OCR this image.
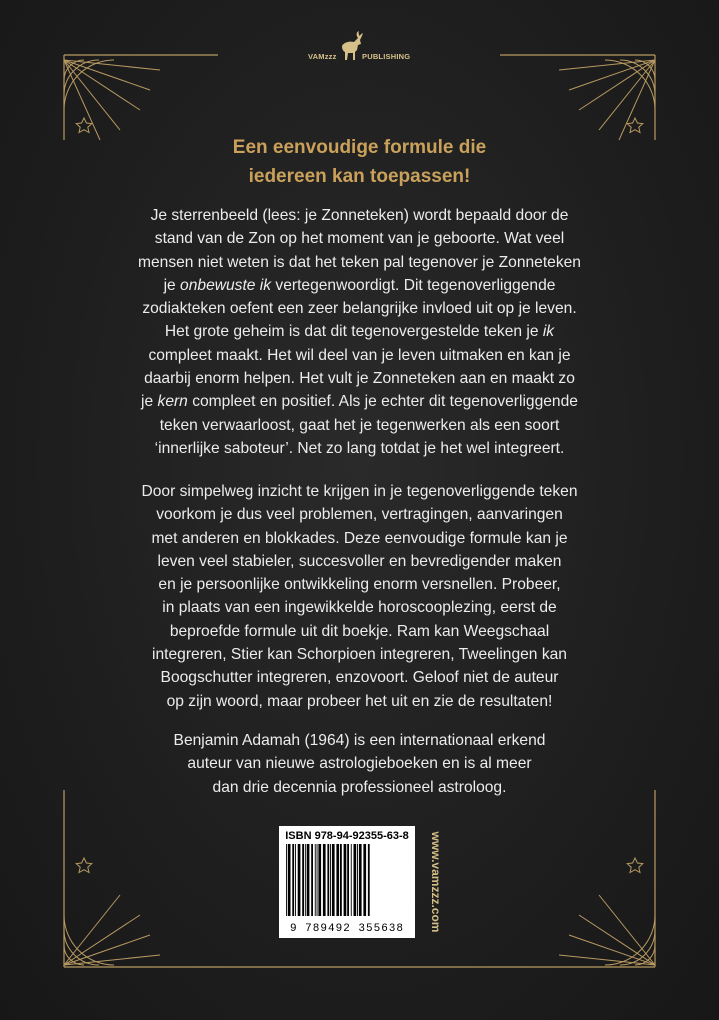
VAMzzz	PUBLISHING
Een eenvoudige formule die
iedereen kan toepassen!
Je sterrenbeeld (lees: je Zonneteken) wordt bepaald door de
stand van de Zon op het moment van je geboorte. Wat veel
mensen niet weten is dat het teken pal tegenover je Zonneteken
je onbewuste ik vertegenwoordigt. Dit tegenoverliggende
zodiakteken oefent een zeer belangrijke invloed uit op je leven.
Het grote geheim is dat dit tegenovergestelde teken je ik
compleet maakt. Het wil deel van je leven uitmaken en kan je
daarbij enorm helpen. Het vult je Zonneteken aan en maakt zo
je kern compleet en positief. Als je echter dit tegenoverliggende
teken verwaarloost, gaat het je tegenwerken als een soort
‘innerlijke saboteur’. Net zo lang totdat je het wel integreert.
Door simpelweg inzicht te krijgen in je tegenoverliggende teken
voorkom je dus veel problemen, vertragingen, aanvaringen
met anderen en blokkades. Deze eenvoudige formule kan je
leven veel stabieler, succesvoller en bevredigender maken
en je persoonlijke ontwikkeling enorm versnellen. Probeer,
in plaats van een ingewikkelde horoscooplezing, eerst de
beproefde formule uit dit boekje. Ram kan Weegschaal
integreren, Stier kan Schorpioen integreren, Tweelingen kan
Boogschutter integreren, enzovoort. Geloof niet de auteur
op zijn woord, maar probeer het uit en zie de resultaten!
Benjamin Adamah (1964) is een internationaal erkend
auteur van nieuwe astrologieboeken en is al meer
dan drie decennia professioneel astroloog.
ISBN 978-94-92355-63-8
9 789492 355638	www.vamzzz.com
